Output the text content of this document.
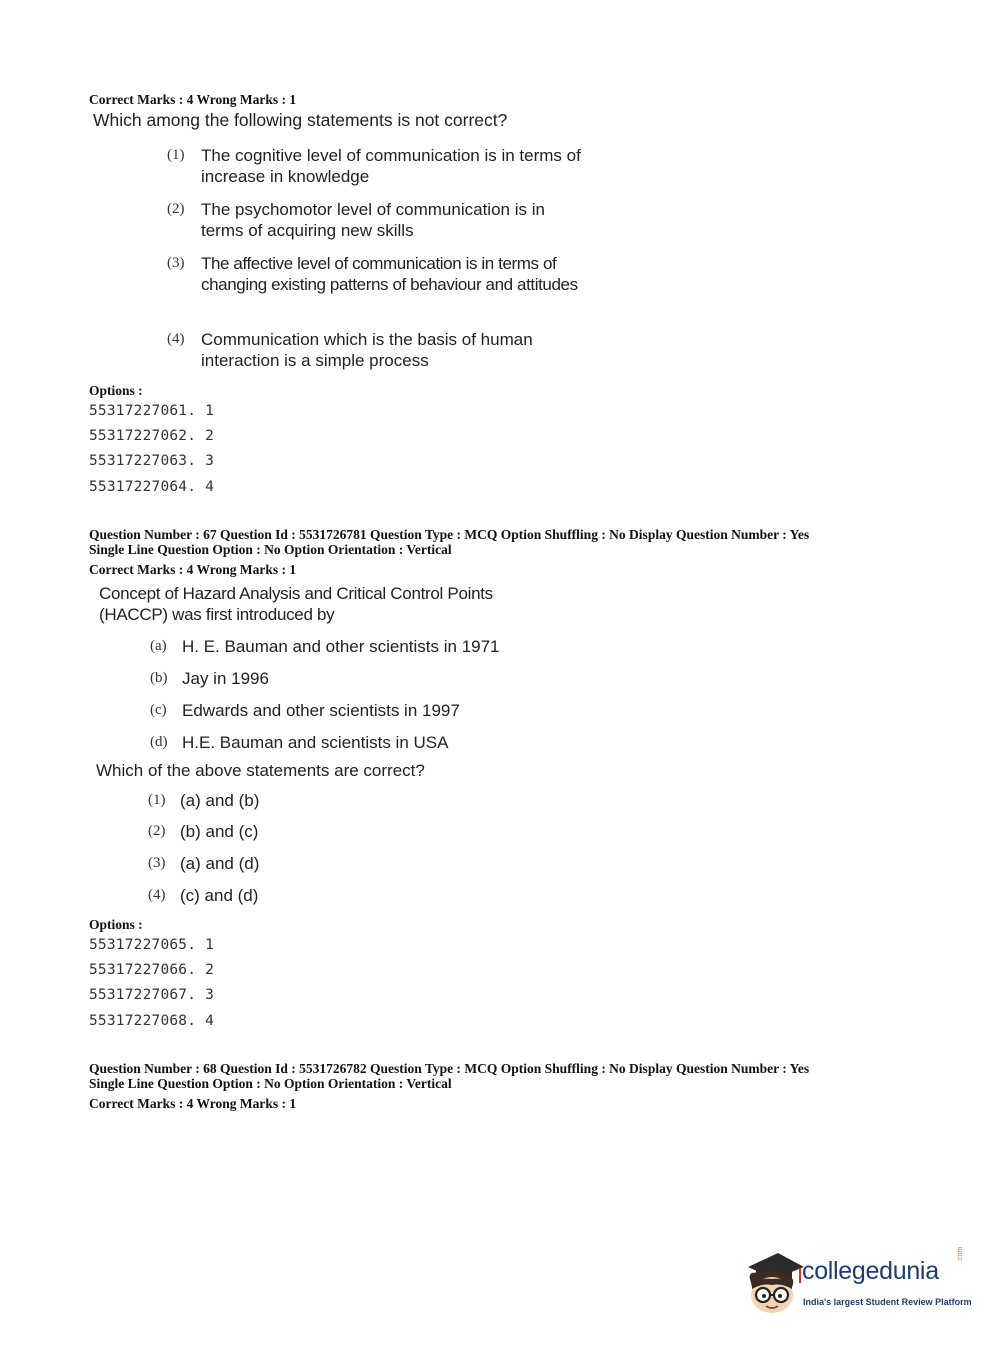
Correct Marks : 4 Wrong Marks : 1
Which among the following statements is not correct?
(1) The cognitive level of communication is in terms of increase in knowledge
(2) The psychomotor level of communication is in terms of acquiring new skills
(3) The affective level of communication is in terms of changing existing patterns of behaviour and attitudes
(4) Communication which is the basis of human interaction is a simple process
Options :
55317227061. 1
55317227062. 2
55317227063. 3
55317227064. 4
Question Number : 67 Question Id : 5531726781 Question Type : MCQ Option Shuffling : No Display Question Number : Yes
Single Line Question Option : No Option Orientation : Vertical
Correct Marks : 4 Wrong Marks : 1
Concept of Hazard Analysis and Critical Control Points (HACCP) was first introduced by
(a) H. E. Bauman and other scientists in 1971
(b) Jay in 1996
(c) Edwards and other scientists in 1997
(d) H.E. Bauman and scientists in USA
Which of the above statements are correct?
(1) (a) and (b)
(2) (b) and (c)
(3) (a) and (d)
(4) (c) and (d)
Options :
55317227065. 1
55317227066. 2
55317227067. 3
55317227068. 4
Question Number : 68 Question Id : 5531726782 Question Type : MCQ Option Shuffling : No Display Question Number : Yes
Single Line Question Option : No Option Orientation : Vertical
Correct Marks : 4 Wrong Marks : 1
collegedunia
.com
India's largest Student Review Platform
